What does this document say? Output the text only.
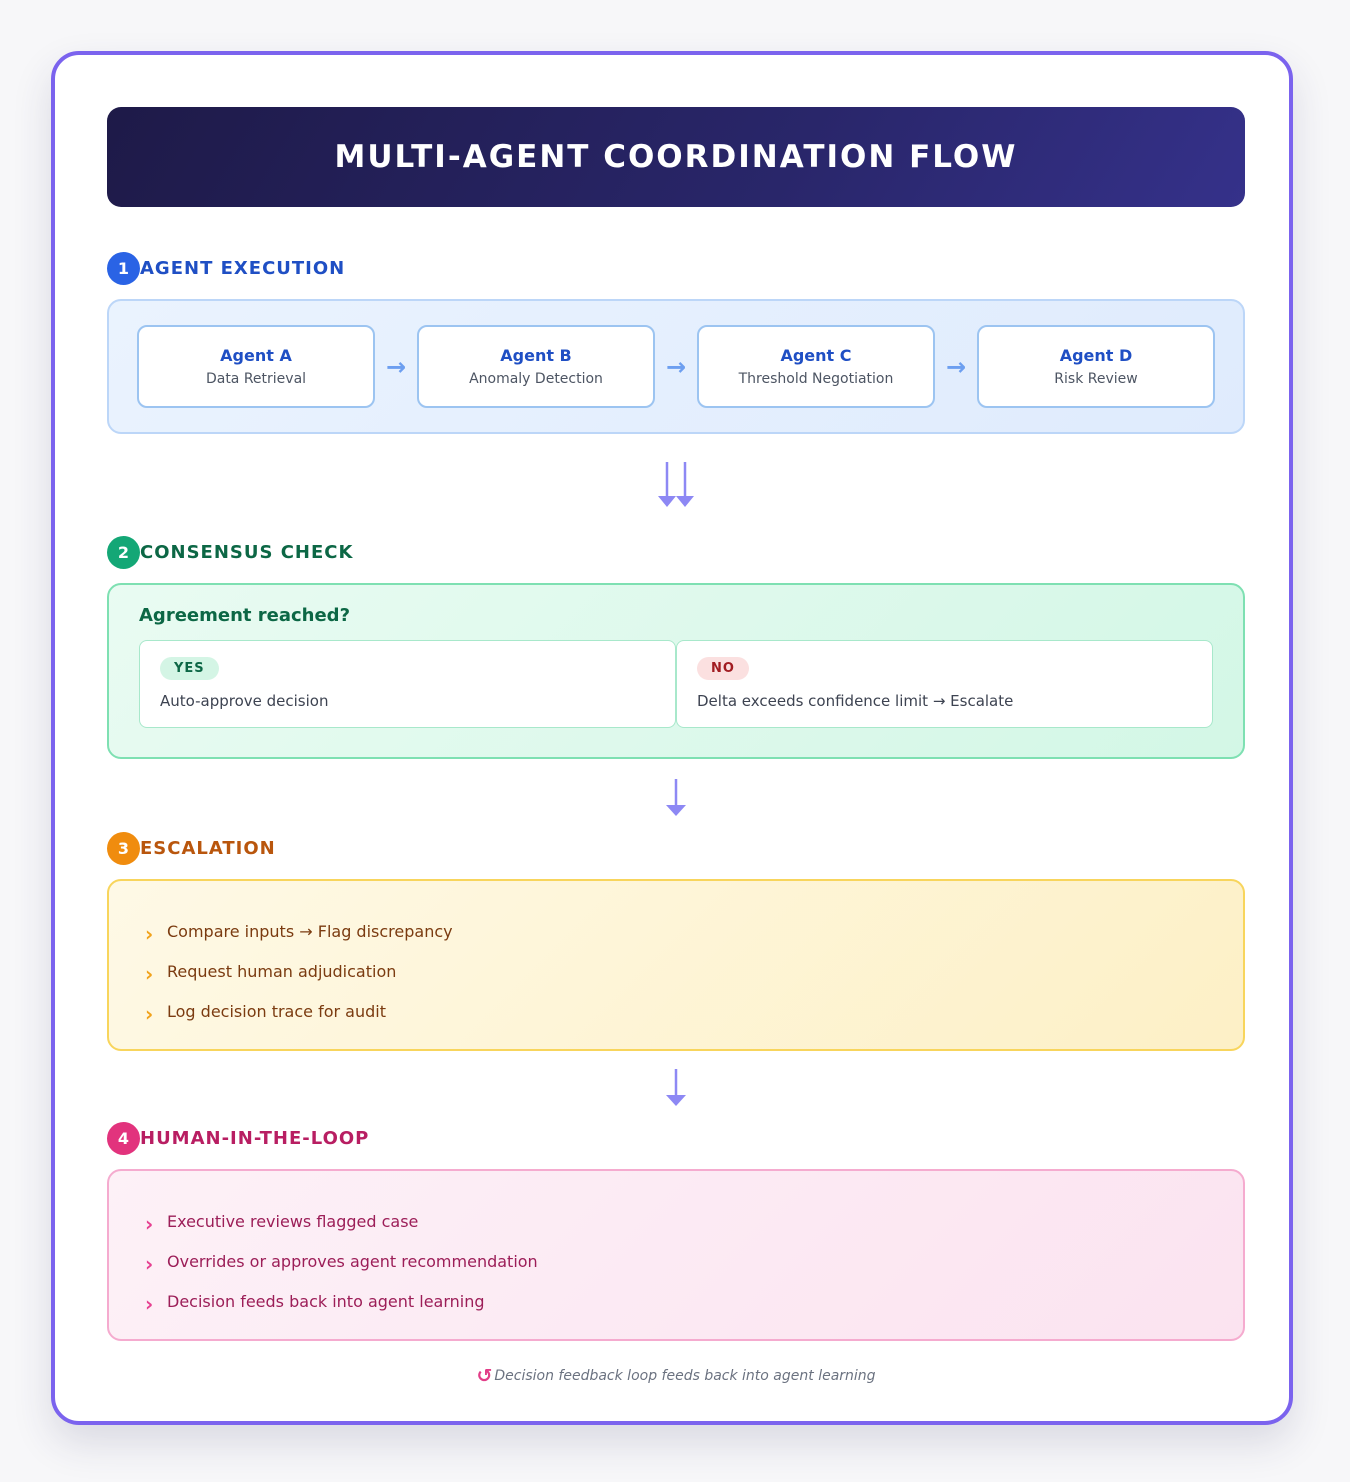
MULTI-AGENT COORDINATION FLOW
1 AGENT EXECUTION
Agent A
Data Retrieval	→	Agent B
Anomaly Detection	→	Agent C
Threshold Negotiation	→	Agent D
Risk Review
2 CONSENSUS CHECK
Agreement reached?
YES
Auto-approve decision
NO
Delta exceeds confidence limit → Escalate
3 ESCALATION
› Compare inputs → Flag discrepancy
› Request human adjudication
› Log decision trace for audit
4 HUMAN-IN-THE-LOOP
› Executive reviews flagged case
› Overrides or approves agent recommendation
› Decision feeds back into agent learning
↺ Decision feedback loop feeds back into agent learning
